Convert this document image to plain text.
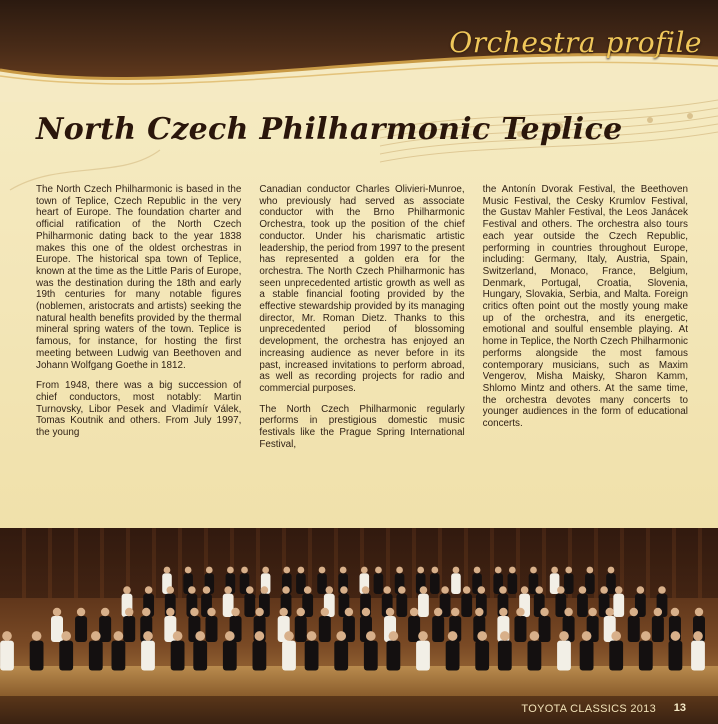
Orchestra profile
North Czech Philharmonic Teplice

The North Czech Philharmonic is based in the town of Teplice, Czech Republic in the very heart of Europe. The foundation charter and official ratification of the North Czech Philharmonic dating back to the year 1838 makes this one of the oldest orchestras in Europe. The historical spa town of Teplice, known at the time as the Little Paris of Europe, was the destination during the 18th and early 19th centuries for many notable figures (noblemen, aristocrats and artists) seeking the natural health benefits provided by the thermal mineral spring waters of the town. Teplice is famous, for instance, for hosting the first meeting between Ludwig van Beethoven and Johann Wolfgang Goethe in 1812.

From 1948, there was a big succession of chief conductors, most notably: Martin Turnovsky, Libor Pesek and Vladimír Válek, Tomas Koutnik and others. From July 1997, the young

Canadian conductor Charles Olivieri-Munroe, who previously had served as associate conductor with the Brno Philharmonic Orchestra, took up the position of the chief conductor. Under his charismatic artistic leadership, the period from 1997 to the present has represented a golden era for the orchestra. The North Czech Philharmonic has seen unprecedented artistic growth as well as a stable financial footing provided by the effective stewardship provided by its managing director, Mr. Roman Dietz. Thanks to this unprecedented period of blossoming development, the orchestra has enjoyed an increasing audience as never before in its past, increased invitations to perform abroad, as well as recording projects for radio and commercial purposes.

The North Czech Philharmonic regularly performs in prestigious domestic music festivals like the Prague Spring International Festival,

the Antonín Dvorak Festival, the Beethoven Music Festival, the Cesky Krumlov Festival, the Gustav Mahler Festival, the Leos Janácek Festival and others. The orchestra also tours each year outside the Czech Republic, performing in countries throughout Europe, including: Germany, Italy, Austria, Spain, Switzerland, Monaco, France, Belgium, Denmark, Portugal, Croatia, Slovenia, Hungary, Slovakia, Serbia, and Malta. Foreign critics often point out the mostly young make up of the orchestra, and its energetic, emotional and soulful ensemble playing. At home in Teplice, the North Czech Philharmonic performs alongside the most famous contemporary musicians, such as Maxim Vengerov, Misha Maisky, Sharon Kamm, Shlomo Mintz and others. At the same time, the orchestra devotes many concerts to younger audiences in the form of educational concerts.

TOYOTA CLASSICS 2013 13
